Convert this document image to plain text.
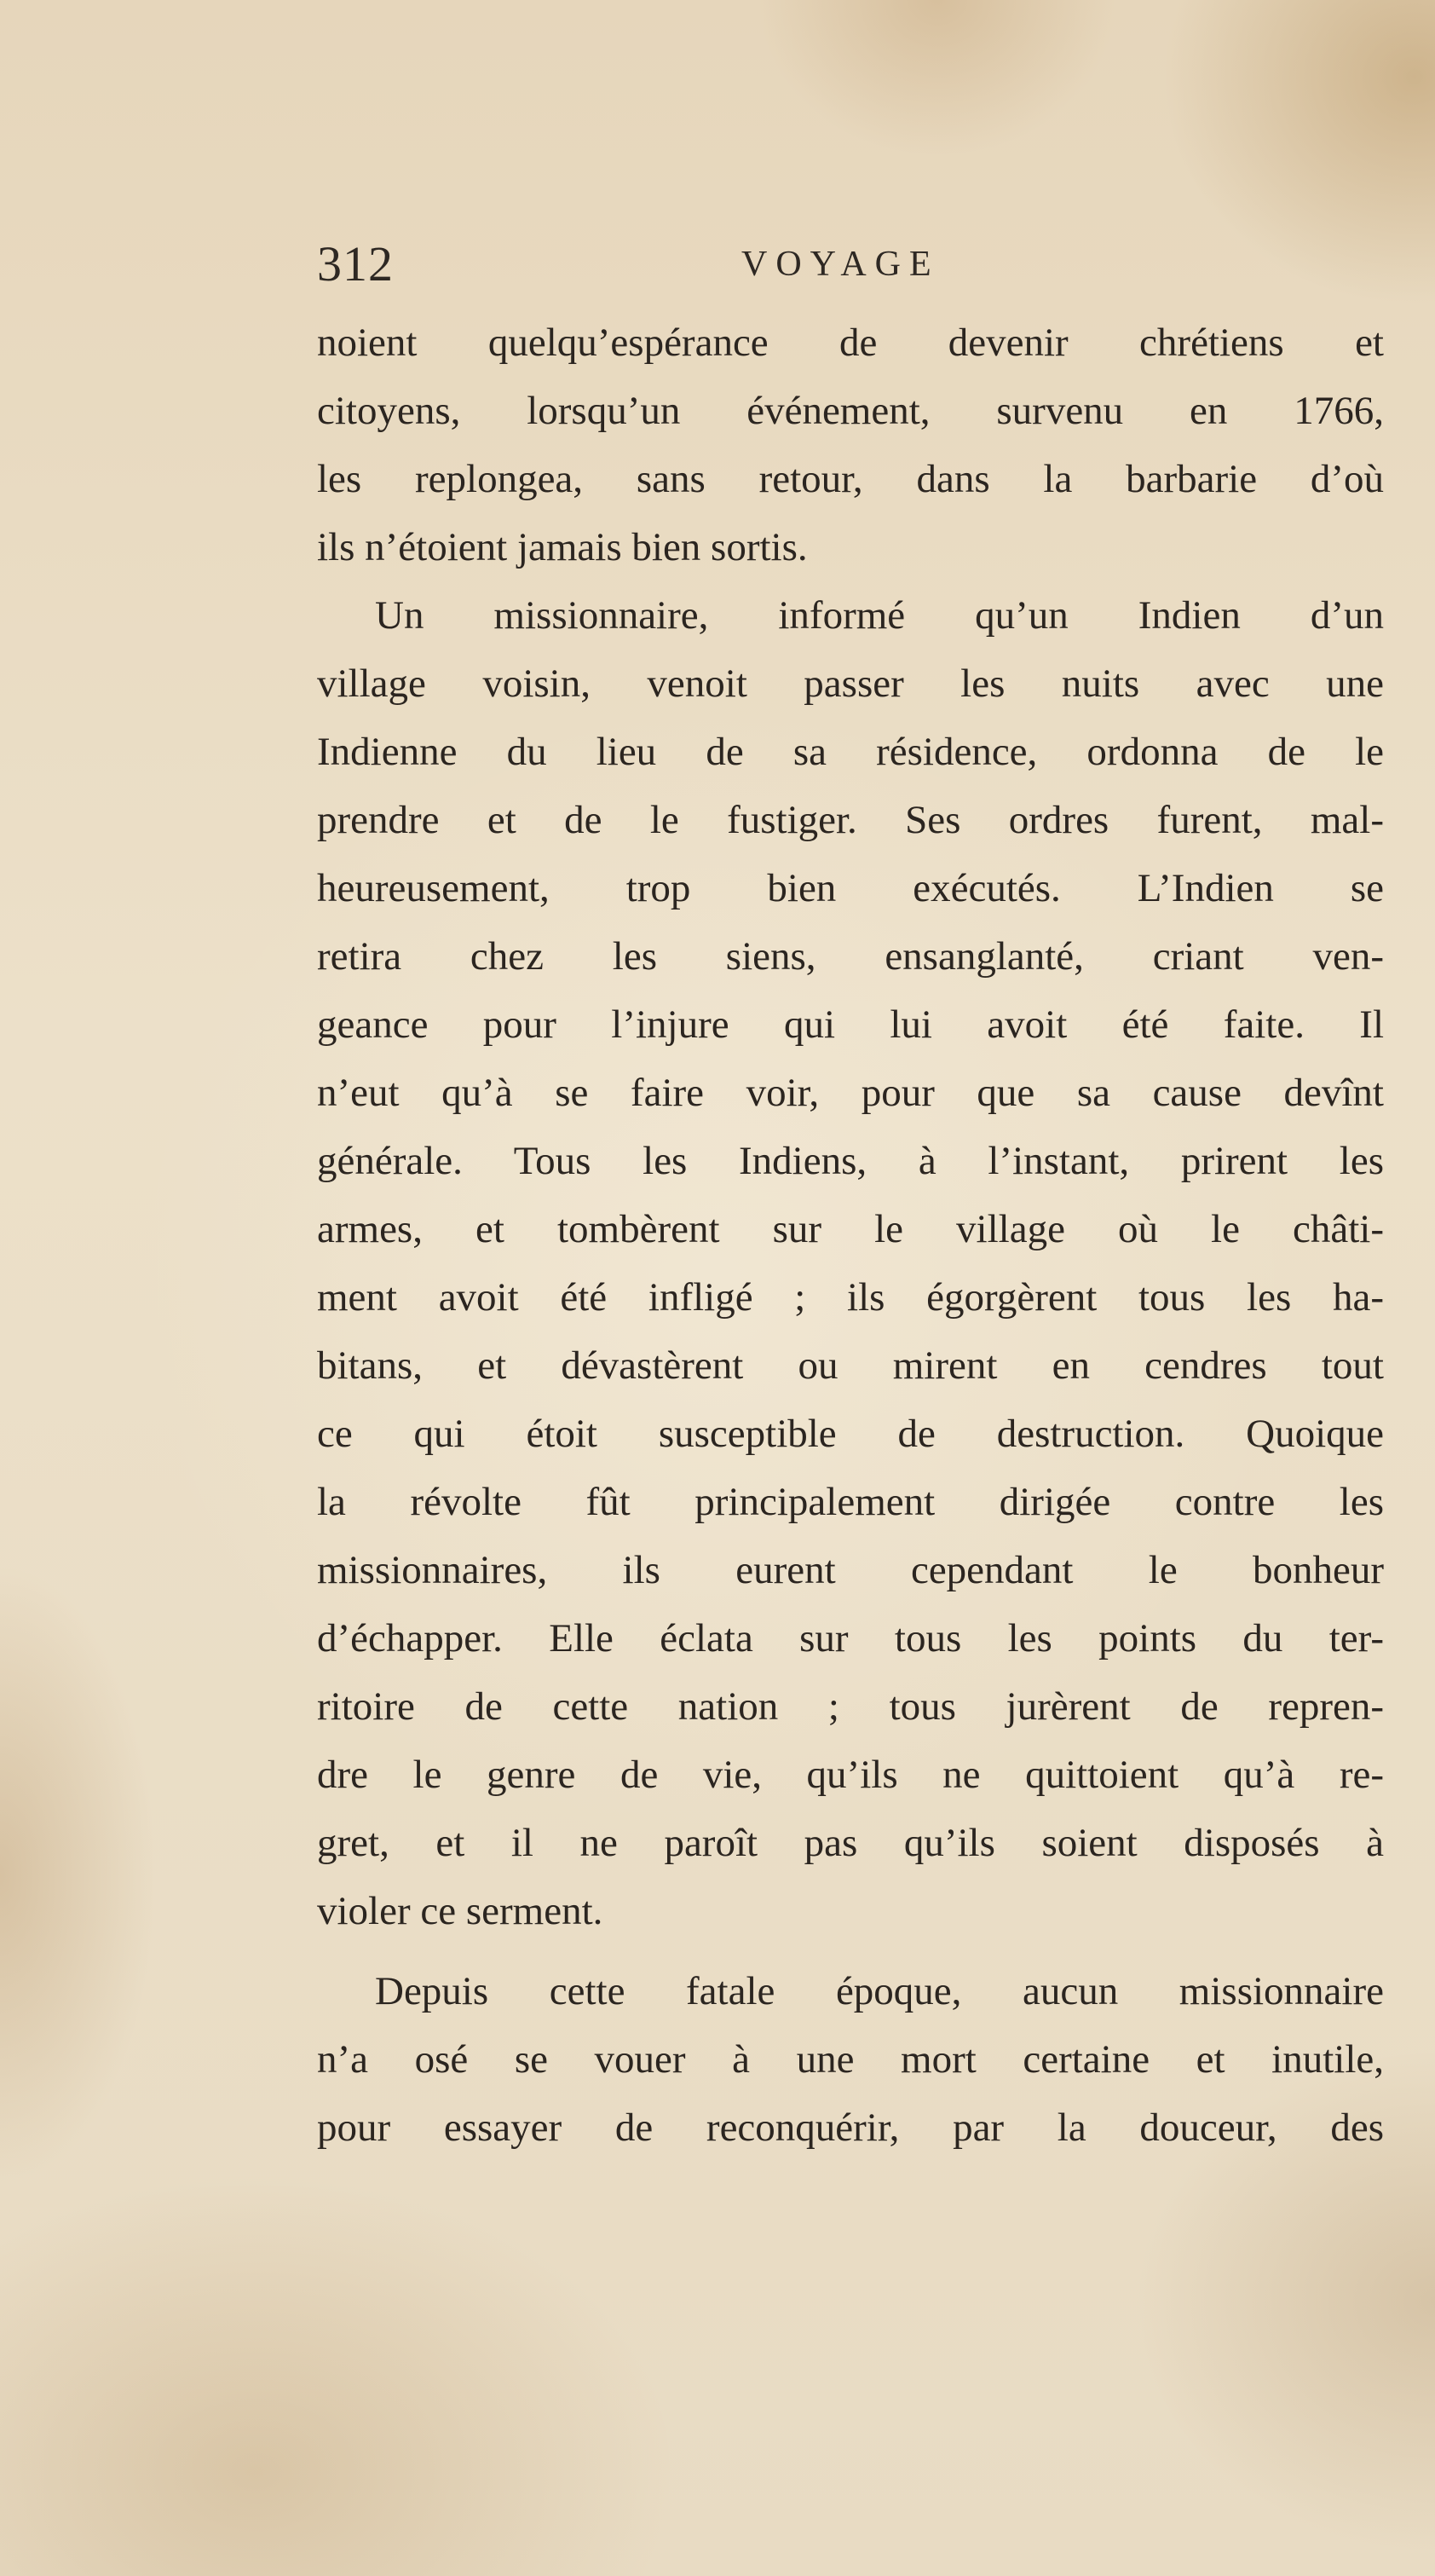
312	VOYAGE
noient quelqu’espérance de devenir chrétiens et
citoyens, lorsqu’un événement, survenu en 1766,
les replongea, sans retour, dans la barbarie d’où
ils n’étoient jamais bien sortis.
Un missionnaire, informé qu’un Indien d’un
village voisin, venoit passer les nuits avec une
Indienne du lieu de sa résidence, ordonna de le
prendre et de le fustiger. Ses ordres furent, mal-
heureusement, trop bien exécutés. L’Indien se
retira chez les siens, ensanglanté, criant ven-
geance pour l’injure qui lui avoit été faite. Il
n’eut qu’à se faire voir, pour que sa cause devînt
générale. Tous les Indiens, à l’instant, prirent les
armes, et tombèrent sur le village où le châti-
ment avoit été infligé ; ils égorgèrent tous les ha-
bitans, et dévastèrent ou mirent en cendres tout
ce qui étoit susceptible de destruction. Quoique
la révolte fût principalement dirigée contre les
missionnaires, ils eurent cependant le bonheur
d’échapper. Elle éclata sur tous les points du ter-
ritoire de cette nation ; tous jurèrent de repren-
dre le genre de vie, qu’ils ne quittoient qu’à re-
gret, et il ne paroît pas qu’ils soient disposés à
violer ce serment.
Depuis cette fatale époque, aucun missionnaire
n’a osé se vouer à une mort certaine et inutile,
pour essayer de reconquérir, par la douceur, des
